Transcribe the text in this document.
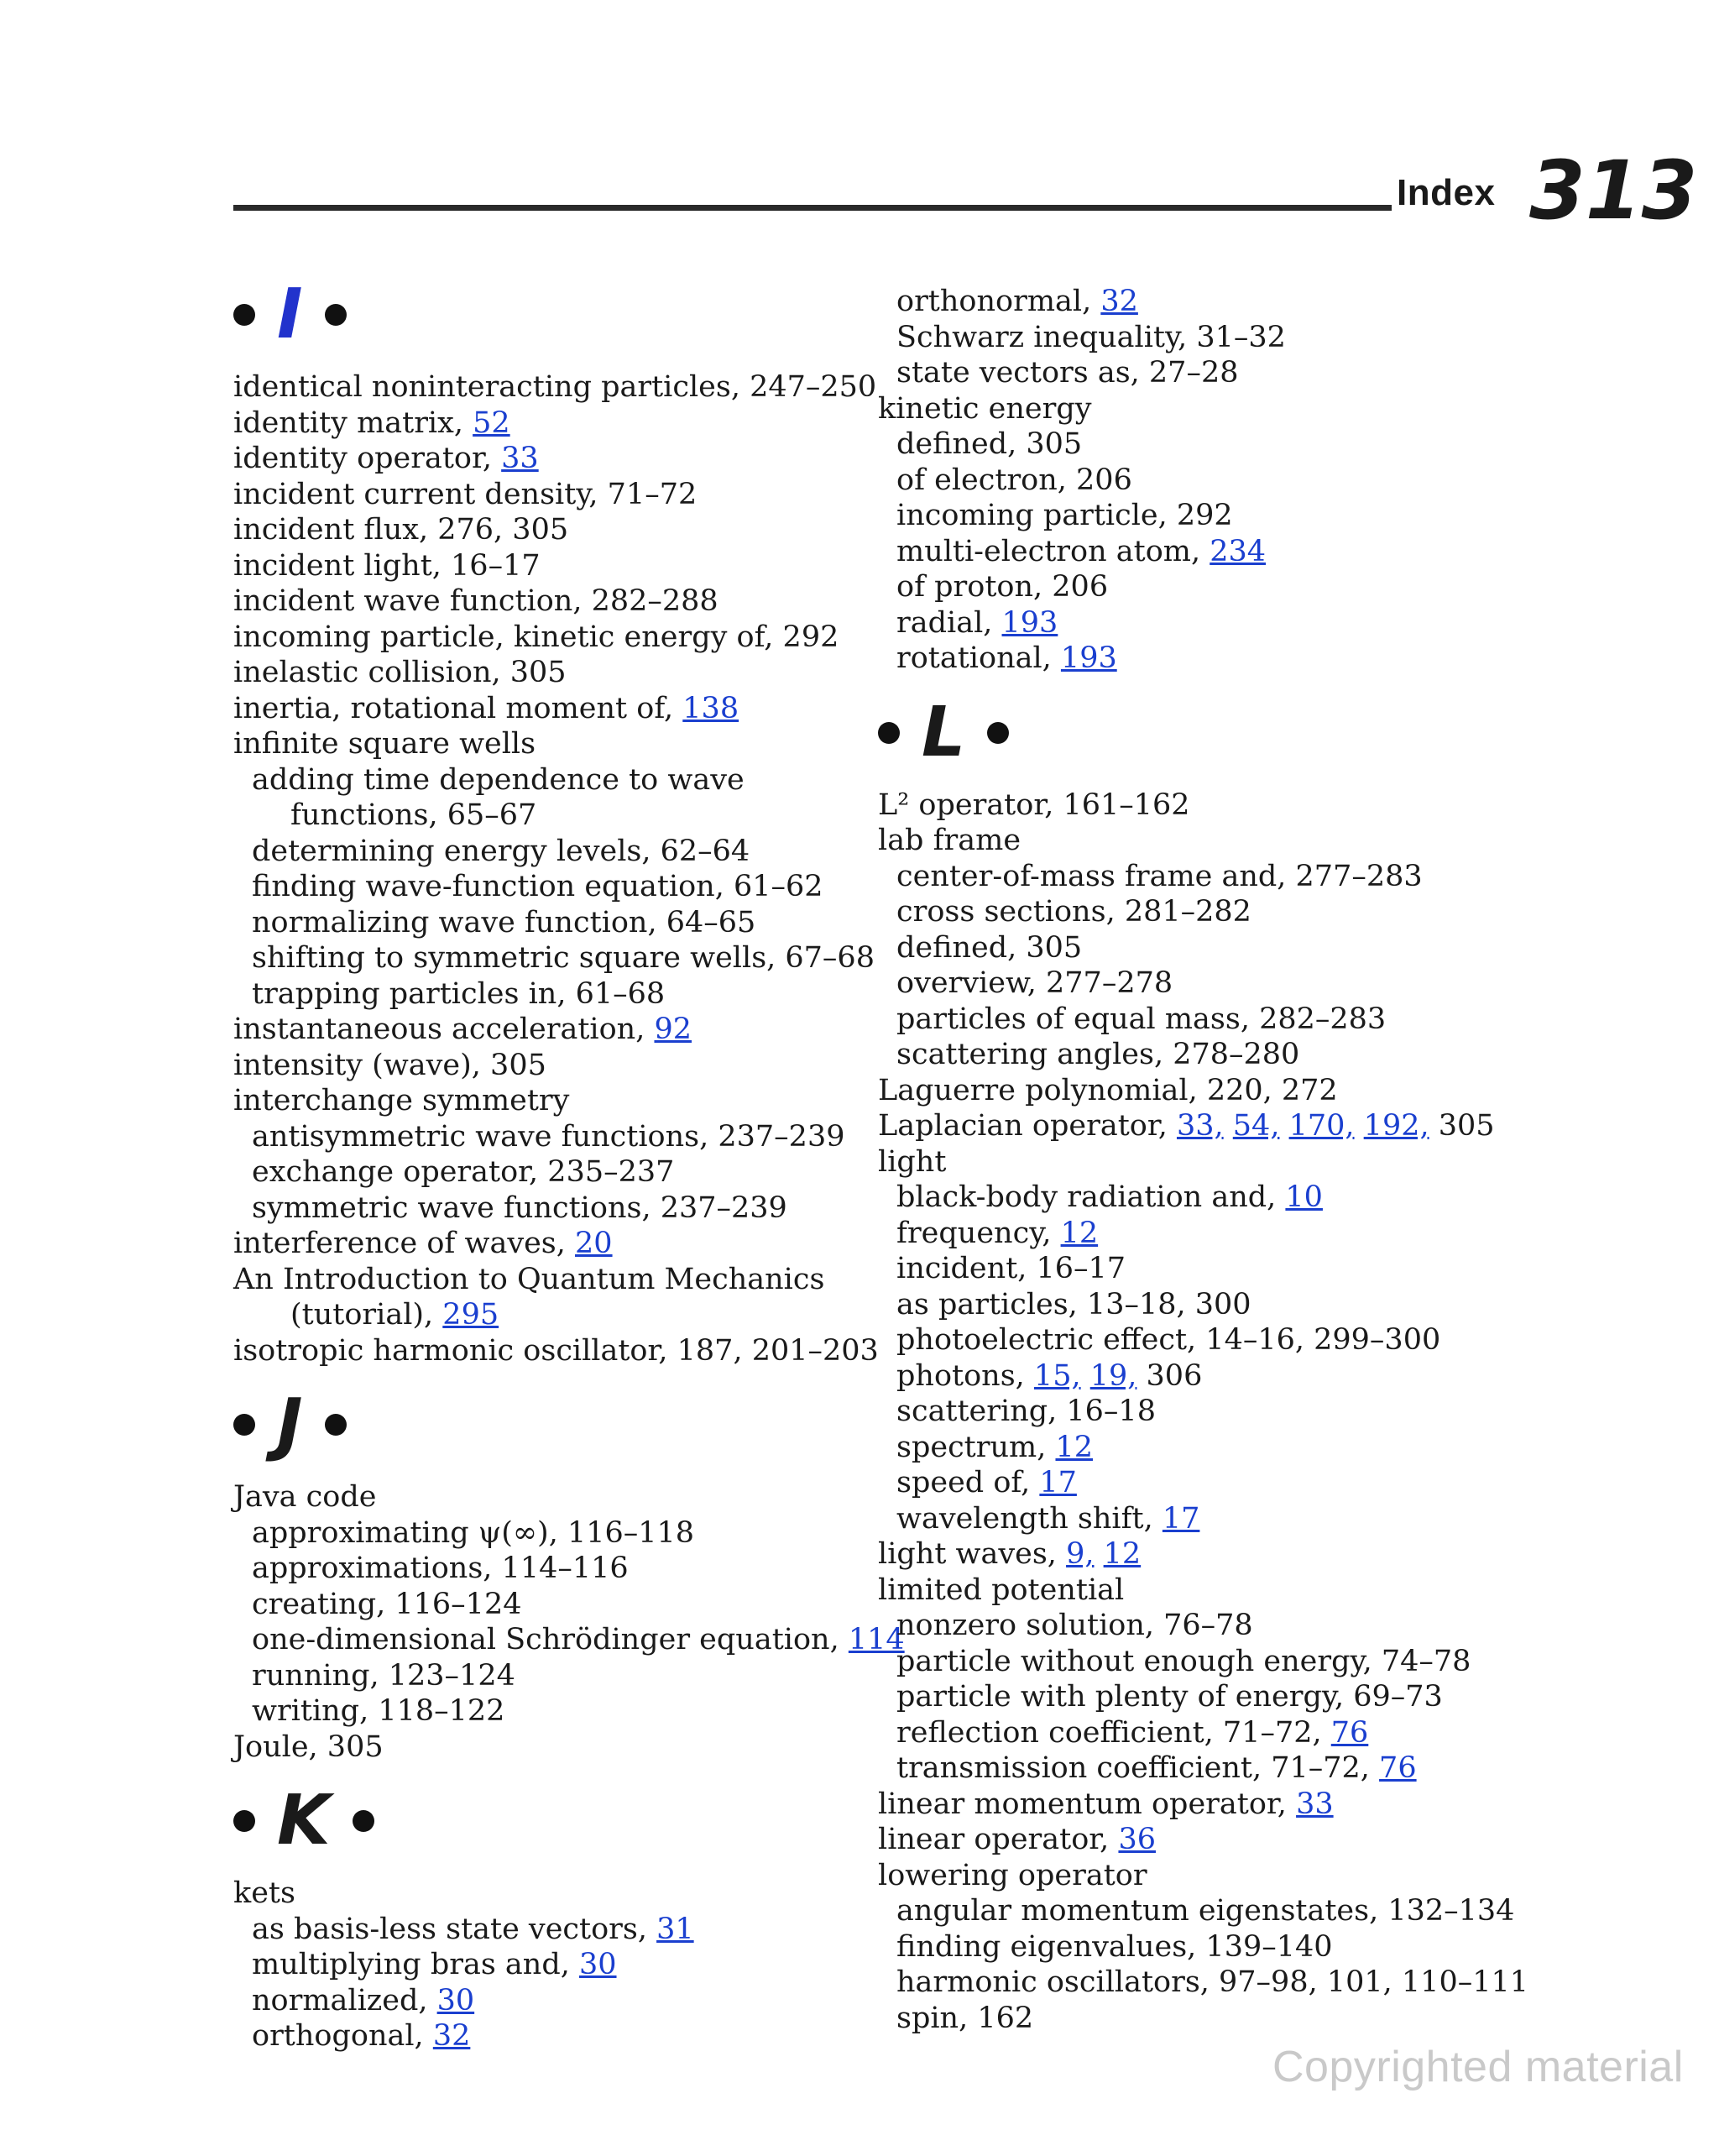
Index 313
I
identical noninteracting particles, 247–250
identity matrix, 52
identity operator, 33
incident current density, 71–72
incident flux, 276, 305
incident light, 16–17
incident wave function, 282–288
incoming particle, kinetic energy of, 292
inelastic collision, 305
inertia, rotational moment of, 138
infinite square wells
adding time dependence to wave
functions, 65–67
determining energy levels, 62–64
finding wave-function equation, 61–62
normalizing wave function, 64–65
shifting to symmetric square wells, 67–68
trapping particles in, 61–68
instantaneous acceleration, 92
intensity (wave), 305
interchange symmetry
antisymmetric wave functions, 237–239
exchange operator, 235–237
symmetric wave functions, 237–239
interference of waves, 20
An Introduction to Quantum Mechanics
(tutorial), 295
isotropic harmonic oscillator, 187, 201–203
J
Java code
approximating ψ(∞), 116–118
approximations, 114–116
creating, 116–124
one-dimensional Schrödinger equation, 114
running, 123–124
writing, 118–122
Joule, 305
K
kets
as basis-less state vectors, 31
multiplying bras and, 30
normalized, 30
orthogonal, 32
orthonormal, 32
Schwarz inequality, 31–32
state vectors as, 27–28
kinetic energy
defined, 305
of electron, 206
incoming particle, 292
multi-electron atom, 234
of proton, 206
radial, 193
rotational, 193
L
L² operator, 161–162
lab frame
center-of-mass frame and, 277–283
cross sections, 281–282
defined, 305
overview, 277–278
particles of equal mass, 282–283
scattering angles, 278–280
Laguerre polynomial, 220, 272
Laplacian operator, 33, 54, 170, 192, 305
light
black-body radiation and, 10
frequency, 12
incident, 16–17
as particles, 13–18, 300
photoelectric effect, 14–16, 299–300
photons, 15, 19, 306
scattering, 16–18
spectrum, 12
speed of, 17
wavelength shift, 17
light waves, 9, 12
limited potential
nonzero solution, 76–78
particle without enough energy, 74–78
particle with plenty of energy, 69–73
reflection coefficient, 71–72, 76
transmission coefficient, 71–72, 76
linear momentum operator, 33
linear operator, 36
lowering operator
angular momentum eigenstates, 132–134
finding eigenvalues, 139–140
harmonic oscillators, 97–98, 101, 110–111
spin, 162
Copyrighted material
